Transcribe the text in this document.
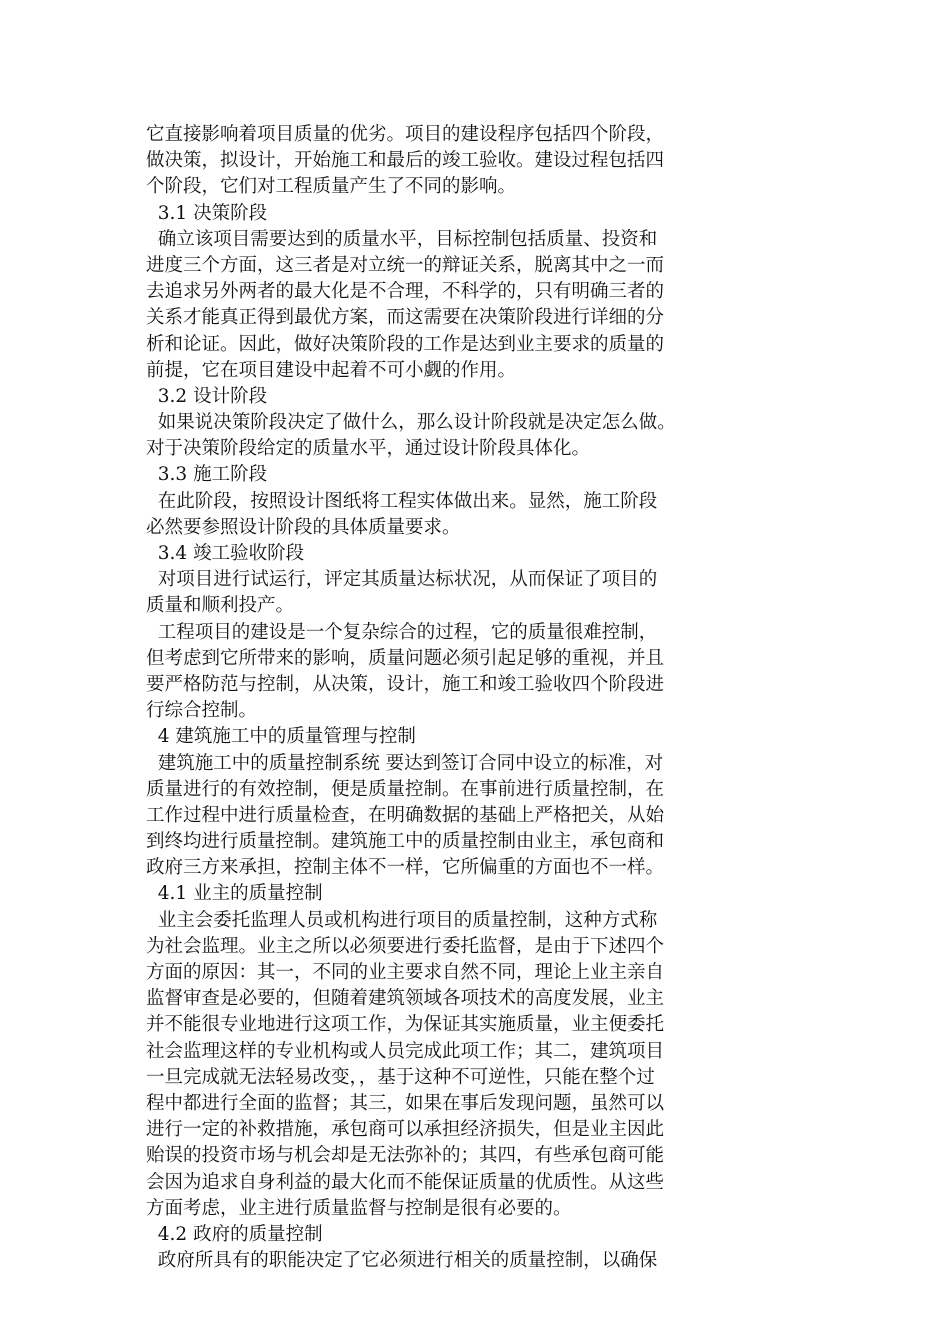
它直接影响着项目质量的优劣。项目的建设程序包括四个阶段，
做决策，拟设计，开始施工和最后的竣工验收。建设过程包括四
个阶段，它们对工程质量产生了不同的影响。
3.1 决策阶段
确立该项目需要达到的质量水平，目标控制包括质量、投资和
进度三个方面，这三者是对立统一的辩证关系，脱离其中之一而
去追求另外两者的最大化是不合理，不科学的，只有明确三者的
关系才能真正得到最优方案，而这需要在决策阶段进行详细的分
析和论证。因此，做好决策阶段的工作是达到业主要求的质量的
前提，它在项目建设中起着不可小觑的作用。
3.2 设计阶段
如果说决策阶段决定了做什么，那么设计阶段就是决定怎么做。
对于决策阶段给定的质量水平，通过设计阶段具体化。
3.3 施工阶段
在此阶段，按照设计图纸将工程实体做出来。显然，施工阶段
必然要参照设计阶段的具体质量要求。
3.4 竣工验收阶段
对项目进行试运行，评定其质量达标状况，从而保证了项目的
质量和顺利投产。
工程项目的建设是一个复杂综合的过程，它的质量很难控制，
但考虑到它所带来的影响，质量问题必须引起足够的重视，并且
要严格防范与控制，从决策，设计，施工和竣工验收四个阶段进
行综合控制。
4 建筑施工中的质量管理与控制
建筑施工中的质量控制系统 要达到签订合同中设立的标准，对
质量进行的有效控制，便是质量控制。在事前进行质量控制，在
工作过程中进行质量检查，在明确数据的基础上严格把关，从始
到终均进行质量控制。建筑施工中的质量控制由业主，承包商和
政府三方来承担，控制主体不一样，它所偏重的方面也不一样。
4.1 业主的质量控制
业主会委托监理人员或机构进行项目的质量控制，这种方式称
为社会监理。业主之所以必须要进行委托监督，是由于下述四个
方面的原因：其一，不同的业主要求自然不同，理论上业主亲自
监督审查是必要的，但随着建筑领域各项技术的高度发展，业主
并不能很专业地进行这项工作，为保证其实施质量，业主便委托
社会监理这样的专业机构或人员完成此项工作；其二，建筑项目
一旦完成就无法轻易改变，，基于这种不可逆性，只能在整个过
程中都进行全面的监督；其三，如果在事后发现问题，虽然可以
进行一定的补救措施，承包商可以承担经济损失，但是业主因此
贻误的投资市场与机会却是无法弥补的；其四，有些承包商可能
会因为追求自身利益的最大化而不能保证质量的优质性。从这些
方面考虑，业主进行质量监督与控制是很有必要的。
4.2 政府的质量控制
政府所具有的职能决定了它必须进行相关的质量控制，以确保
